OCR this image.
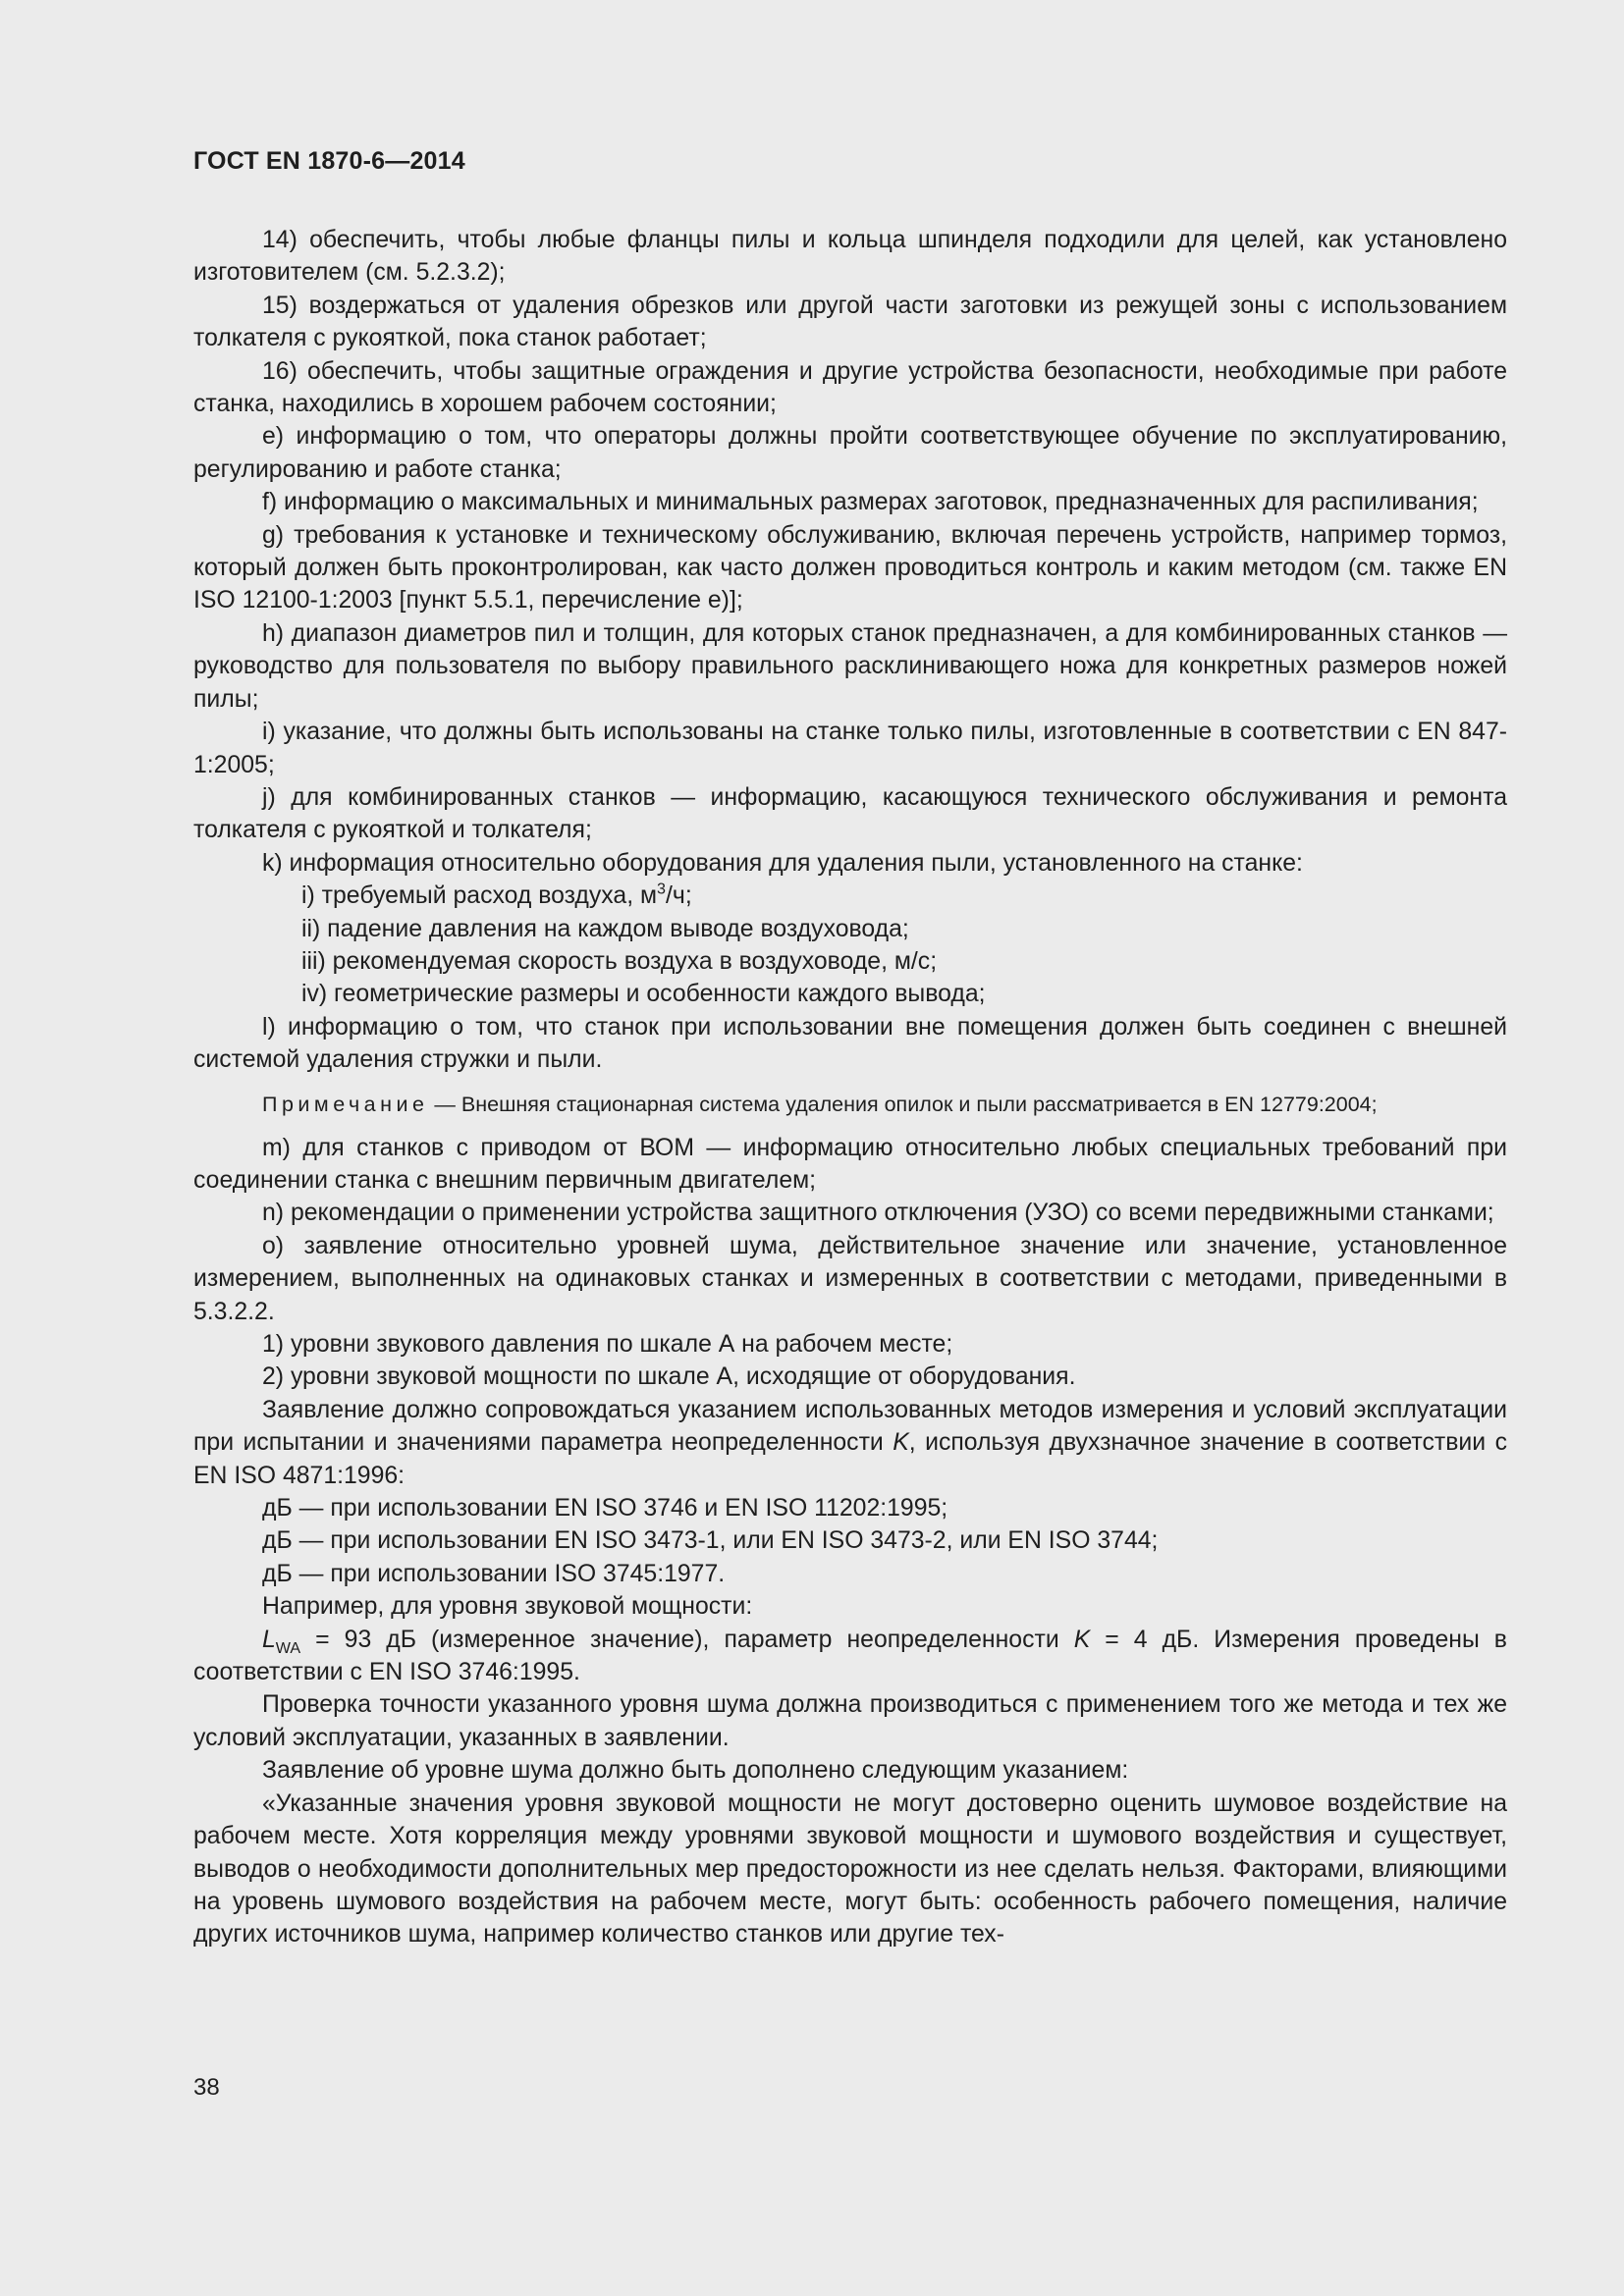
ГОСТ EN 1870-6—2014

14) обеспечить, чтобы любые фланцы пилы и кольца шпинделя подходили для целей, как установлено изготовителем (см. 5.2.3.2);

15) воздержаться от удаления обрезков или другой части заготовки из режущей зоны с использованием толкателя с рукояткой, пока станок работает;

16) обеспечить, чтобы защитные ограждения и другие устройства безопасности, необходимые при работе станка, находились в хорошем рабочем состоянии;

e) информацию о том, что операторы должны пройти соответствующее обучение по эксплуатированию, регулированию и работе станка;

f) информацию о максимальных и минимальных размерах заготовок, предназначенных для распиливания;

g) требования к установке и техническому обслуживанию, включая перечень устройств, например тормоз, который должен быть проконтролирован, как часто должен проводиться контроль и каким методом (см. также EN ISO 12100-1:2003 [пункт 5.5.1, перечисление е)];

h) диапазон диаметров пил и толщин, для которых станок предназначен, а для комбинированных станков — руководство для пользователя по выбору правильного расклинивающего ножа для конкретных размеров ножей пилы;

i) указание, что должны быть использованы на станке только пилы, изготовленные в соответствии с EN 847-1:2005;

j) для комбинированных станков — информацию, касающуюся технического обслуживания и ремонта толкателя с рукояткой и толкателя;

k) информация относительно оборудования для удаления пыли, установленного на станке:

i) требуемый расход воздуха, $м^3/ч$;

ii) падение давления на каждом выводе воздуховода;

iii) рекомендуемая скорость воздуха в воздуховоде, м/с;

iv) геометрические размеры и особенности каждого вывода;

l) информацию о том, что станок при использовании вне помещения должен быть соединен с внешней системой удаления стружки и пыли.

Примечание — Внешняя стационарная система удаления опилок и пыли рассматривается в EN 12779:2004;

m) для станков с приводом от ВОМ — информацию относительно любых специальных требований при соединении станка с внешним первичным двигателем;

n) рекомендации о применении устройства защитного отключения (УЗО) со всеми передвижными станками;

o) заявление относительно уровней шума, действительное значение или значение, установленное измерением, выполненных на одинаковых станках и измеренных в соответствии с методами, приведенными в 5.3.2.2.

1) уровни звукового давления по шкале А на рабочем месте;

2) уровни звуковой мощности по шкале А, исходящие от оборудования.

Заявление должно сопровождаться указанием использованных методов измерения и условий эксплуатации при испытании и значениями параметра неопределенности K, используя двухзначное значение в соответствии с EN ISO 4871:1996:

дБ — при использовании EN ISO 3746 и EN ISO 11202:1995;

дБ — при использовании EN ISO 3473-1, или EN ISO 3473-2, или EN ISO 3744;

дБ — при использовании ISO 3745:1977.

Например, для уровня звуковой мощности:

$L_{WA} = 93$ дБ (измеренное значение), параметр неопределенности K = 4 дБ. Измерения проведены в соответствии с EN ISO 3746:1995.

Проверка точности указанного уровня шума должна производиться с применением того же метода и тех же условий эксплуатации, указанных в заявлении.

Заявление об уровне шума должно быть дополнено следующим указанием:

«Указанные значения уровня звуковой мощности не могут достоверно оценить шумовое воздействие на рабочем месте. Хотя корреляция между уровнями звуковой мощности и шумового воздействия и существует, выводов о необходимости дополнительных мер предосторожности из нее сделать нельзя. Факторами, влияющими на уровень шумового воздействия на рабочем месте, могут быть: особенность рабочего помещения, наличие других источников шума, например количество станков или другие тех-

38
